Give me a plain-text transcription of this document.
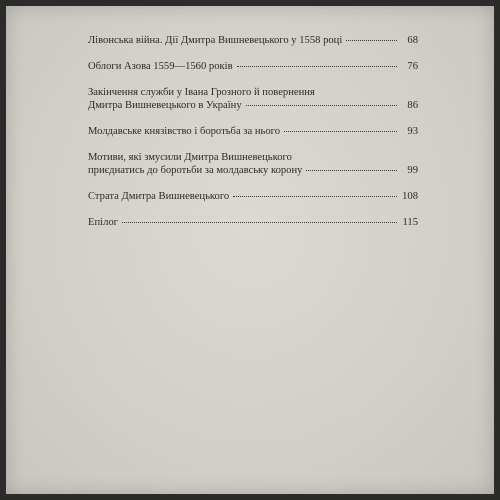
Лівонська війна. Дії Дмитра Вишневецького у 1558 році	68
Облоги Азова 1559—1560 років	76
Закінчення служби у Івана Грозного й повернення
Дмитра Вишневецького в Україну	86
Молдавське князівство і боротьба за нього	93
Мотиви, які змусили Дмитра Вишневецького
приєднатись до боротьби за молдавську корону	99
Страта Дмитра Вишневецького	108
Епілог	115
